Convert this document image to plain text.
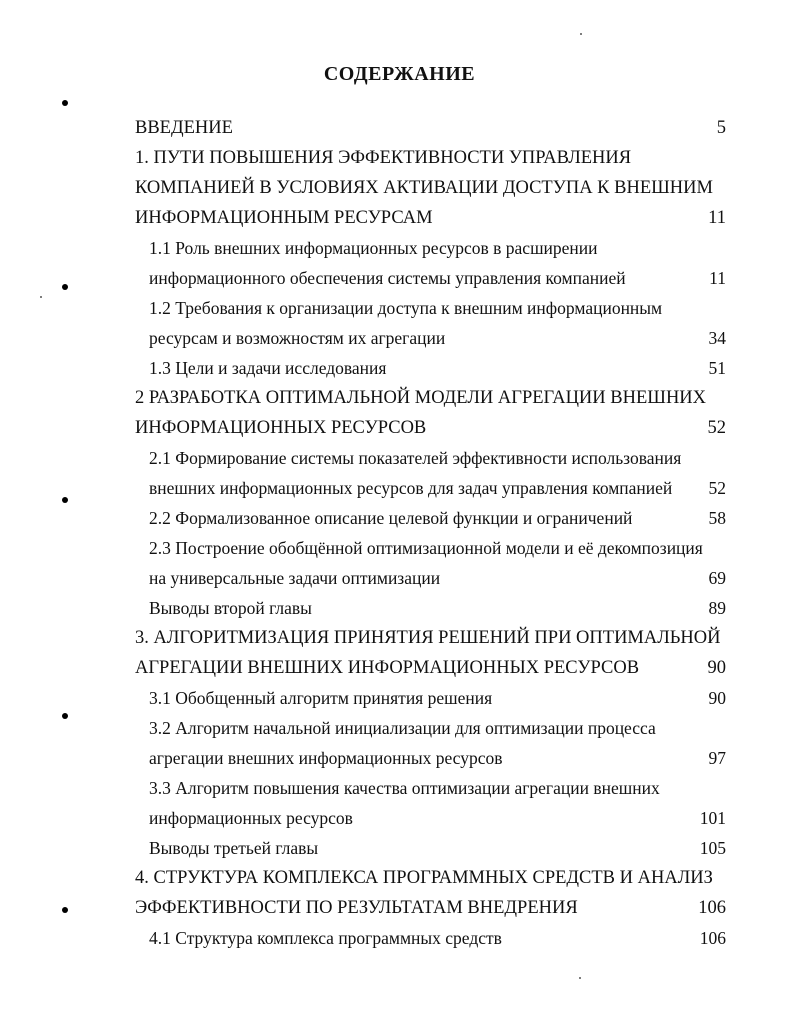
СОДЕРЖАНИЕ
ВВЕДЕНИЕ	5
1. ПУТИ ПОВЫШЕНИЯ ЭФФЕКТИВНОСТИ УПРАВЛЕНИЯ
КОМПАНИЕЙ В УСЛОВИЯХ АКТИВАЦИИ ДОСТУПА К ВНЕШНИМ
ИНФОРМАЦИОННЫМ РЕСУРСАМ	11
1.1 Роль внешних информационных ресурсов в расширении
информационного обеспечения системы управления компанией	11
1.2 Требования к организации доступа к внешним информационным
ресурсам и возможностям их агрегации	34
1.3 Цели и задачи исследования	51
2 РАЗРАБОТКА ОПТИМАЛЬНОЙ МОДЕЛИ АГРЕГАЦИИ ВНЕШНИХ
ИНФОРМАЦИОННЫХ РЕСУРСОВ	52
2.1 Формирование системы показателей эффективности использования
внешних информационных ресурсов для задач управления компанией 52
2.2 Формализованное описание целевой функции и ограничений	58
2.3 Построение обобщённой оптимизационной модели и её декомпозиция
на универсальные задачи оптимизации	69
Выводы второй главы	89
3. АЛГОРИТМИЗАЦИЯ ПРИНЯТИЯ РЕШЕНИЙ ПРИ ОПТИМАЛЬНОЙ
АГРЕГАЦИИ ВНЕШНИХ ИНФОРМАЦИОННЫХ РЕСУРСОВ	90
3.1 Обобщенный алгоритм принятия решения	90
3.2 Алгоритм начальной инициализации для оптимизации процесса
агрегации внешних информационных ресурсов	97
3.3 Алгоритм повышения качества оптимизации агрегации внешних
информационных ресурсов	101
Выводы третьей главы	105
4. СТРУКТУРА КОМПЛЕКСА ПРОГРАММНЫХ СРЕДСТВ И АНАЛИЗ
ЭФФЕКТИВНОСТИ ПО РЕЗУЛЬТАТАМ ВНЕДРЕНИЯ	106
4.1 Структура комплекса программных средств	106
